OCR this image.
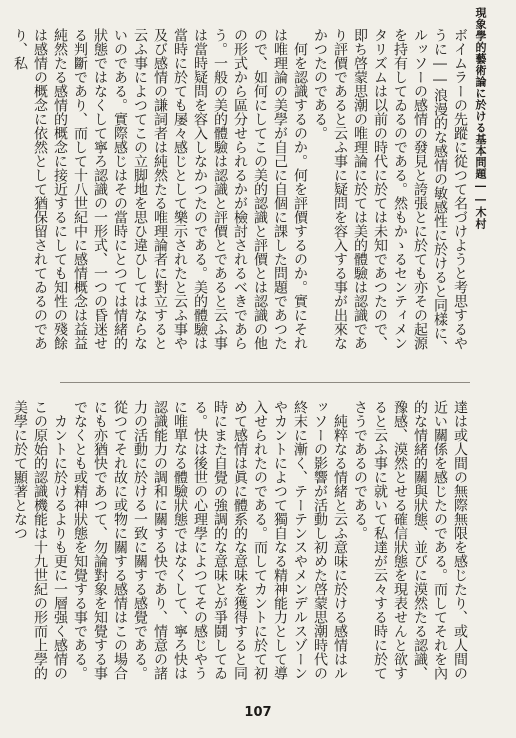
現象學的藝術論に於ける基本問題――木村

ボイムラーの先蹤に從つて名づけようと考思するやうに――浪漫的な感情の敏感性に於けると同樣に、ルッソーの感情の發見と誇張とに於ても亦その起源を持有してゐるのである。然もかゝるセンティメンタリズムは以前の時代に於ては未知であつたので、即ち啓蒙思潮の唯理論に於ては美的體驗は認識であり評價であると云ふ事に疑問を容入する事が出來なかつたのである。

何を認識するのか。何を評價するのか。實にそれは唯理論の美學が自己に自個に課した問題であつたので、如何にしてこの美的認識と評價とは認識の他の形式から區分せられるかが檢討されるべきであらう。一般の美的體驗は認識と評價とであると云ふ事は當時疑問を容入しなかつたのである。美的體驗は當時に於ても屡々感じとして樂示されたと云ふ事や及び感情の謙詞者は純然たる唯理論者に對立すると云ふ事によつてこの立脚地を思ひ違ひしてはならないのである。實際感じはその當時にとつては情緒的狀態ではなくして寧ろ認識の一形式、一つの昏迷せる判斷であり、而して十八世紀中に感情概念は益益純然たる感情的概念に接近するにしても知性の殘餘は感情の概念に依然として猶保留されてゐるのであり、私

達は或人間の無際無限を感じたり、或人間の近い關係を感じたのである。而してそれを內的な情緒的關與狀態、並びに漠然たる認識、豫感、漠然とせる確信狀態を現表せんと欲すると云ふ事に就いて私達が云々する時に於てさうであるのである。

純粹なる情緒と云ふ意味に於ける感情はルッソーの影響が活動し初めた啓蒙思潮時代の終末に漸く、テーテンスやメンデルスゾーンやカントによつて獨自なる精神能力として導入せられたのである。而してカントに於て初めて感情は眞に體系的な意味を獲得すると同時にまた自覺の強調的な意味とが爭鬪してゐる。快は後世の心理學によつてその感じやうに唯單なる體驗狀態ではなくして、寧ろ快は認識能力の調和に關する快であり、情意の諸力の活動に於ける一致に關する感覺である。從つてそれ故に或物に關する感情はこの場合にも亦猶快であつて、勿論對象を知覺する事でなくとも或精神狀態を知覺する事である。

カントに於けるよりも更に一層强く感情のこの原始的認識機能は十九世紀の形而上學的美學に於て顯著となつ

107
